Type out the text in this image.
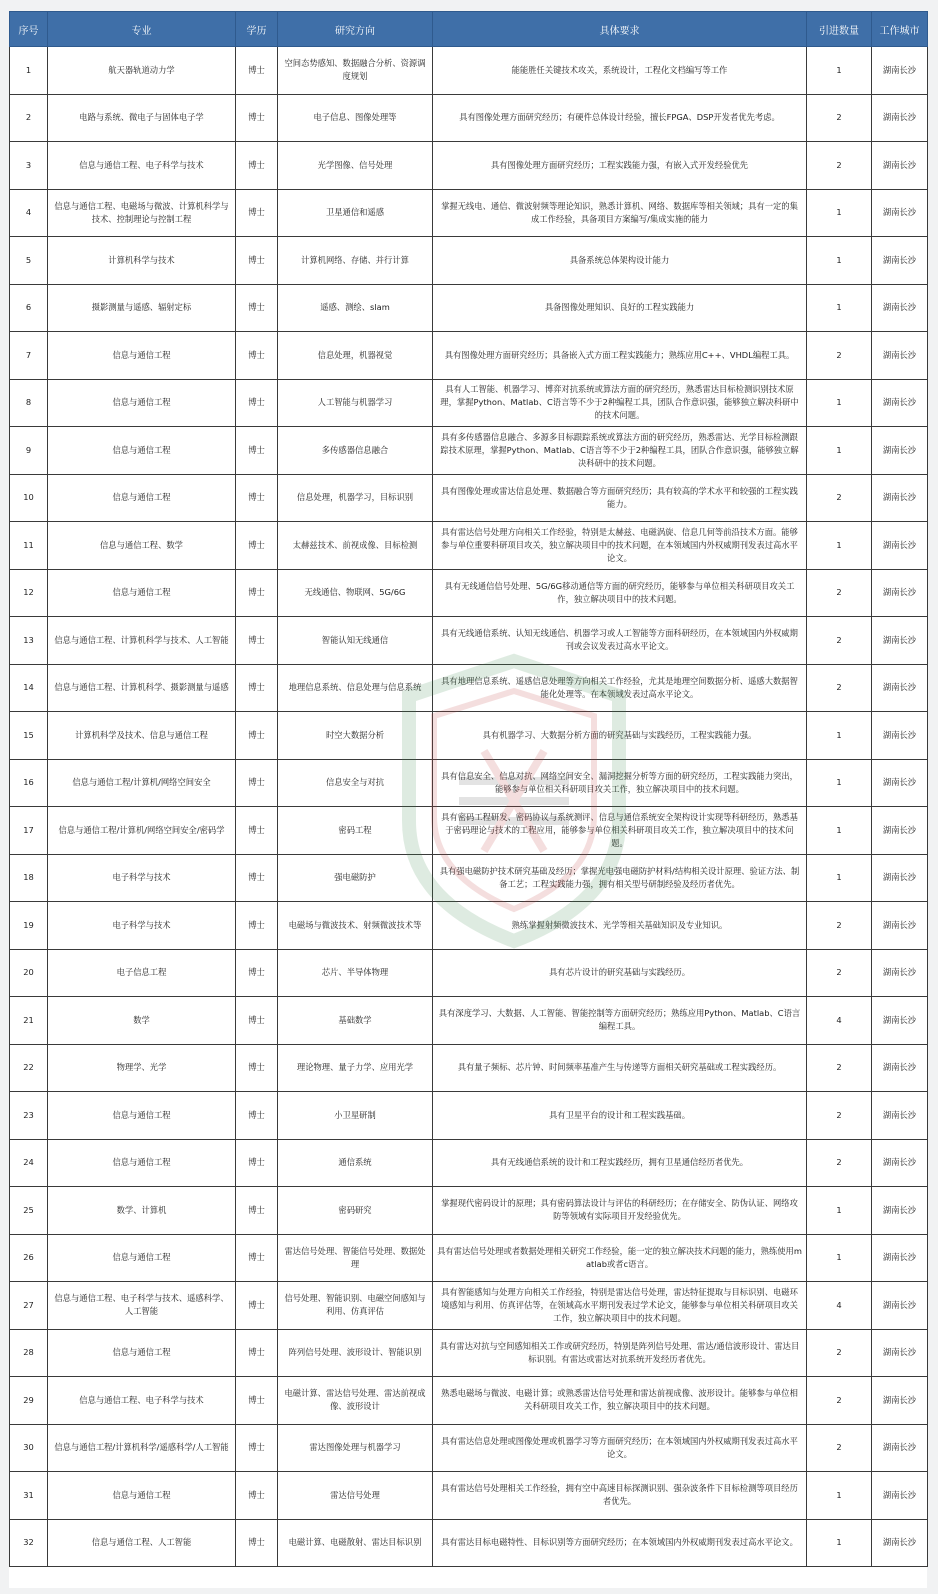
序号	专业	学历	研究方向	具体要求	引进数量	工作城市
1	航天器轨道动力学	博士	空间态势感知、数据融合分析、资源调度规划	能能胜任关键技术攻关，系统设计，工程化文档编写等工作	1	湖南长沙
2	电路与系统、微电子与固体电子学	博士	电子信息、图像处理等	具有图像处理方面研究经历；有硬件总体设计经验，擅长FPGA、DSP开发者优先考虑。	2	湖南长沙
3	信息与通信工程、电子科学与技术	博士	光学图像、信号处理	具有图像处理方面研究经历；工程实践能力强，有嵌入式开发经验优先	2	湖南长沙
4	信息与通信工程、电磁场与微波、计算机科学与技术、控制理论与控制工程	博士	卫星通信和遥感	掌握无线电、通信、微波射频等理论知识，熟悉计算机、网络、数据库等相关领域；具有一定的集成工作经验，具备项目方案编写/集成实施的能力	1	湖南长沙
5	计算机科学与技术	博士	计算机网络、存储、并行计算	具备系统总体架构设计能力	1	湖南长沙
6	摄影测量与遥感、辐射定标	博士	遥感、测绘、slam	具备图像处理知识、良好的工程实践能力	1	湖南长沙
7	信息与通信工程	博士	信息处理，机器视觉	具有图像处理方面研究经历；具备嵌入式方面工程实践能力；熟练应用C++、VHDL编程工具。	2	湖南长沙
8	信息与通信工程	博士	人工智能与机器学习	具有人工智能、机器学习、博弈对抗系统或算法方面的研究经历，熟悉雷达目标检测识别技术原理，掌握Python、Matlab、C语言等不少于2种编程工具，团队合作意识强，能够独立解决科研中的技术问题。	1	湖南长沙
9	信息与通信工程	博士	多传感器信息融合	具有多传感器信息融合、多源多目标跟踪系统或算法方面的研究经历，熟悉雷达、光学目标检测跟踪技术原理，掌握Python、Matlab、C语言等不少于2种编程工具，团队合作意识强，能够独立解决科研中的技术问题。	1	湖南长沙
10	信息与通信工程	博士	信息处理，机器学习，目标识别	具有图像处理或雷达信息处理、数据融合等方面研究经历；具有较高的学术水平和较强的工程实践能力。	2	湖南长沙
11	信息与通信工程、数学	博士	太赫兹技术、前视成像、目标检测	具有雷达信号处理方向相关工作经验，特别是太赫兹、电磁涡旋、信息几何等前沿技术方面。能够参与单位重要科研项目攻关，独立解决项目中的技术问题，在本领域国内外权威期刊发表过高水平论文。	1	湖南长沙
12	信息与通信工程	博士	无线通信、物联网、5G/6G	具有无线通信信号处理、5G/6G移动通信等方面的研究经历，能够参与单位相关科研项目攻关工作，独立解决项目中的技术问题。	2	湖南长沙
13	信息与通信工程、计算机科学与技术、人工智能	博士	智能认知无线通信	具有无线通信系统、认知无线通信、机器学习或人工智能等方面科研经历，在本领域国内外权威期刊或会议发表过高水平论文。	2	湖南长沙
14	信息与通信工程、计算机科学、摄影测量与遥感	博士	地理信息系统、信息处理与信息系统	具有地理信息系统、遥感信息处理等方向相关工作经验，尤其是地理空间数据分析、遥感大数据智能化处理等。在本领域发表过高水平论文。	2	湖南长沙
15	计算机科学及技术、信息与通信工程	博士	时空大数据分析	具有机器学习、大数据分析方面的研究基础与实践经历，工程实践能力强。	1	湖南长沙
16	信息与通信工程/计算机/网络空间安全	博士	信息安全与对抗	具有信息安全、信息对抗、网络空间安全、漏洞挖掘分析等方面的研究经历，工程实践能力突出，能够参与单位相关科研项目攻关工作，独立解决项目中的技术问题。	1	湖南长沙
17	信息与通信工程/计算机/网络空间安全/密码学	博士	密码工程	具有密码工程研发、密码协议与系统测评、信息与通信系统安全架构设计实现等科研经历，熟悉基于密码理论与技术的工程应用，能够参与单位相关科研项目攻关工作，独立解决项目中的技术问题。	1	湖南长沙
18	电子科学与技术	博士	强电磁防护	具有强电磁防护技术研究基础及经历；掌握光电强电磁防护材料/结构相关设计原理、验证方法、制备工艺；工程实践能力强，拥有相关型号研制经验及经历者优先。	1	湖南长沙
19	电子科学与技术	博士	电磁场与微波技术、射频微波技术等	熟练掌握射频微波技术、光学等相关基础知识及专业知识。	2	湖南长沙
20	电子信息工程	博士	芯片、半导体物理	具有芯片设计的研究基础与实践经历。	2	湖南长沙
21	数学	博士	基础数学	具有深度学习、大数据、人工智能、智能控制等方面研究经历；熟练应用Python、Matlab、C语言编程工具。	4	湖南长沙
22	物理学、光学	博士	理论物理、量子力学、应用光学	具有量子频标、芯片钟、时间频率基准产生与传递等方面相关研究基础或工程实践经历。	2	湖南长沙
23	信息与通信工程	博士	小卫星研制	具有卫星平台的设计和工程实践基础。	2	湖南长沙
24	信息与通信工程	博士	通信系统	具有无线通信系统的设计和工程实践经历，拥有卫星通信经历者优先。	2	湖南长沙
25	数学、计算机	博士	密码研究	掌握现代密码设计的原理；具有密码算法设计与评估的科研经历；在存储安全、防伪认证、网络攻防等领域有实际项目开发经验优先。	1	湖南长沙
26	信息与通信工程	博士	雷达信号处理、智能信号处理、数据处理	具有雷达信号处理或者数据处理相关研究工作经验，能一定的独立解决技术问题的能力，熟练使用matlab或者c语言。	1	湖南长沙
27	信息与通信工程、电子科学与技术、遥感科学、人工智能	博士	信号处理、智能识别、电磁空间感知与利用、仿真评估	具有智能感知与处理方向相关工作经验，特别是雷达信号处理，雷达特征提取与目标识别、电磁环境感知与利用、仿真评估等，在领域高水平期刊发表过学术论文，能够参与单位相关科研项目攻关工作，独立解决项目中的技术问题。	4	湖南长沙
28	信息与通信工程	博士	阵列信号处理、波形设计、智能识别	具有雷达对抗与空间感知相关工作或研究经历，特别是阵列信号处理、雷达/通信波形设计、雷达目标识别。有雷达或雷达对抗系统开发经历者优先。	2	湖南长沙
29	信息与通信工程、电子科学与技术	博士	电磁计算、雷达信号处理、雷达前视成像、波形设计	熟悉电磁场与微波、电磁计算；或熟悉雷达信号处理和雷达前视成像、波形设计。能够参与单位相关科研项目攻关工作，独立解决项目中的技术问题。	2	湖南长沙
30	信息与通信工程/计算机科学/遥感科学/人工智能	博士	雷达图像处理与机器学习	具有雷达信息处理或图像处理或机器学习等方面研究经历；在本领域国内外权威期刊发表过高水平论文。	2	湖南长沙
31	信息与通信工程	博士	雷达信号处理	具有雷达信号处理相关工作经验，拥有空中高速目标探测识别、强杂波条件下目标检测等项目经历者优先。	1	湖南长沙
32	信息与通信工程、人工智能	博士	电磁计算、电磁散射、雷达目标识别	具有雷达目标电磁特性、目标识别等方面研究经历；在本领域国内外权威期刊发表过高水平论文。	1	湖南长沙
